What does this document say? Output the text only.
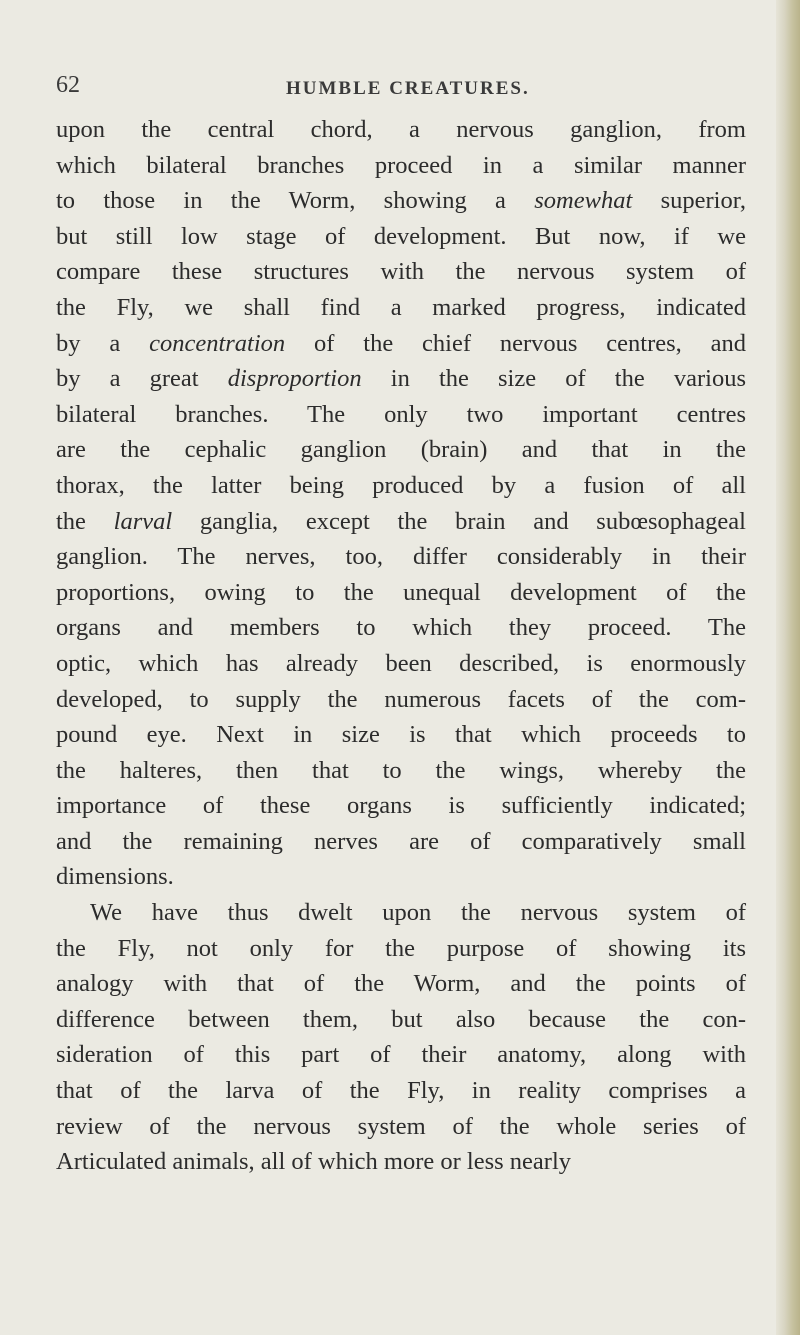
62	HUMBLE CREATURES.
upon the central chord, a nervous ganglion, from
which bilateral branches proceed in a similar manner
to those in the Worm, showing a somewhat superior,
but still low stage of development. But now, if we
compare these structures with the nervous system of
the Fly, we shall find a marked progress, indicated
by a concentration of the chief nervous centres, and
by a great disproportion in the size of the various
bilateral branches. The only two important centres
are the cephalic ganglion (brain) and that in the
thorax, the latter being produced by a fusion of all
the larval ganglia, except the brain and subœsophageal
ganglion. The nerves, too, differ considerably in their
proportions, owing to the unequal development of the
organs and members to which they proceed. The
optic, which has already been described, is enormously
developed, to supply the numerous facets of the com-
pound eye. Next in size is that which proceeds to
the halteres, then that to the wings, whereby the
importance of these organs is sufficiently indicated;
and the remaining nerves are of comparatively small
dimensions.
We have thus dwelt upon the nervous system of
the Fly, not only for the purpose of showing its
analogy with that of the Worm, and the points of
difference between them, but also because the con-
sideration of this part of their anatomy, along with
that of the larva of the Fly, in reality comprises a
review of the nervous system of the whole series of
Articulated animals, all of which more or less nearly
